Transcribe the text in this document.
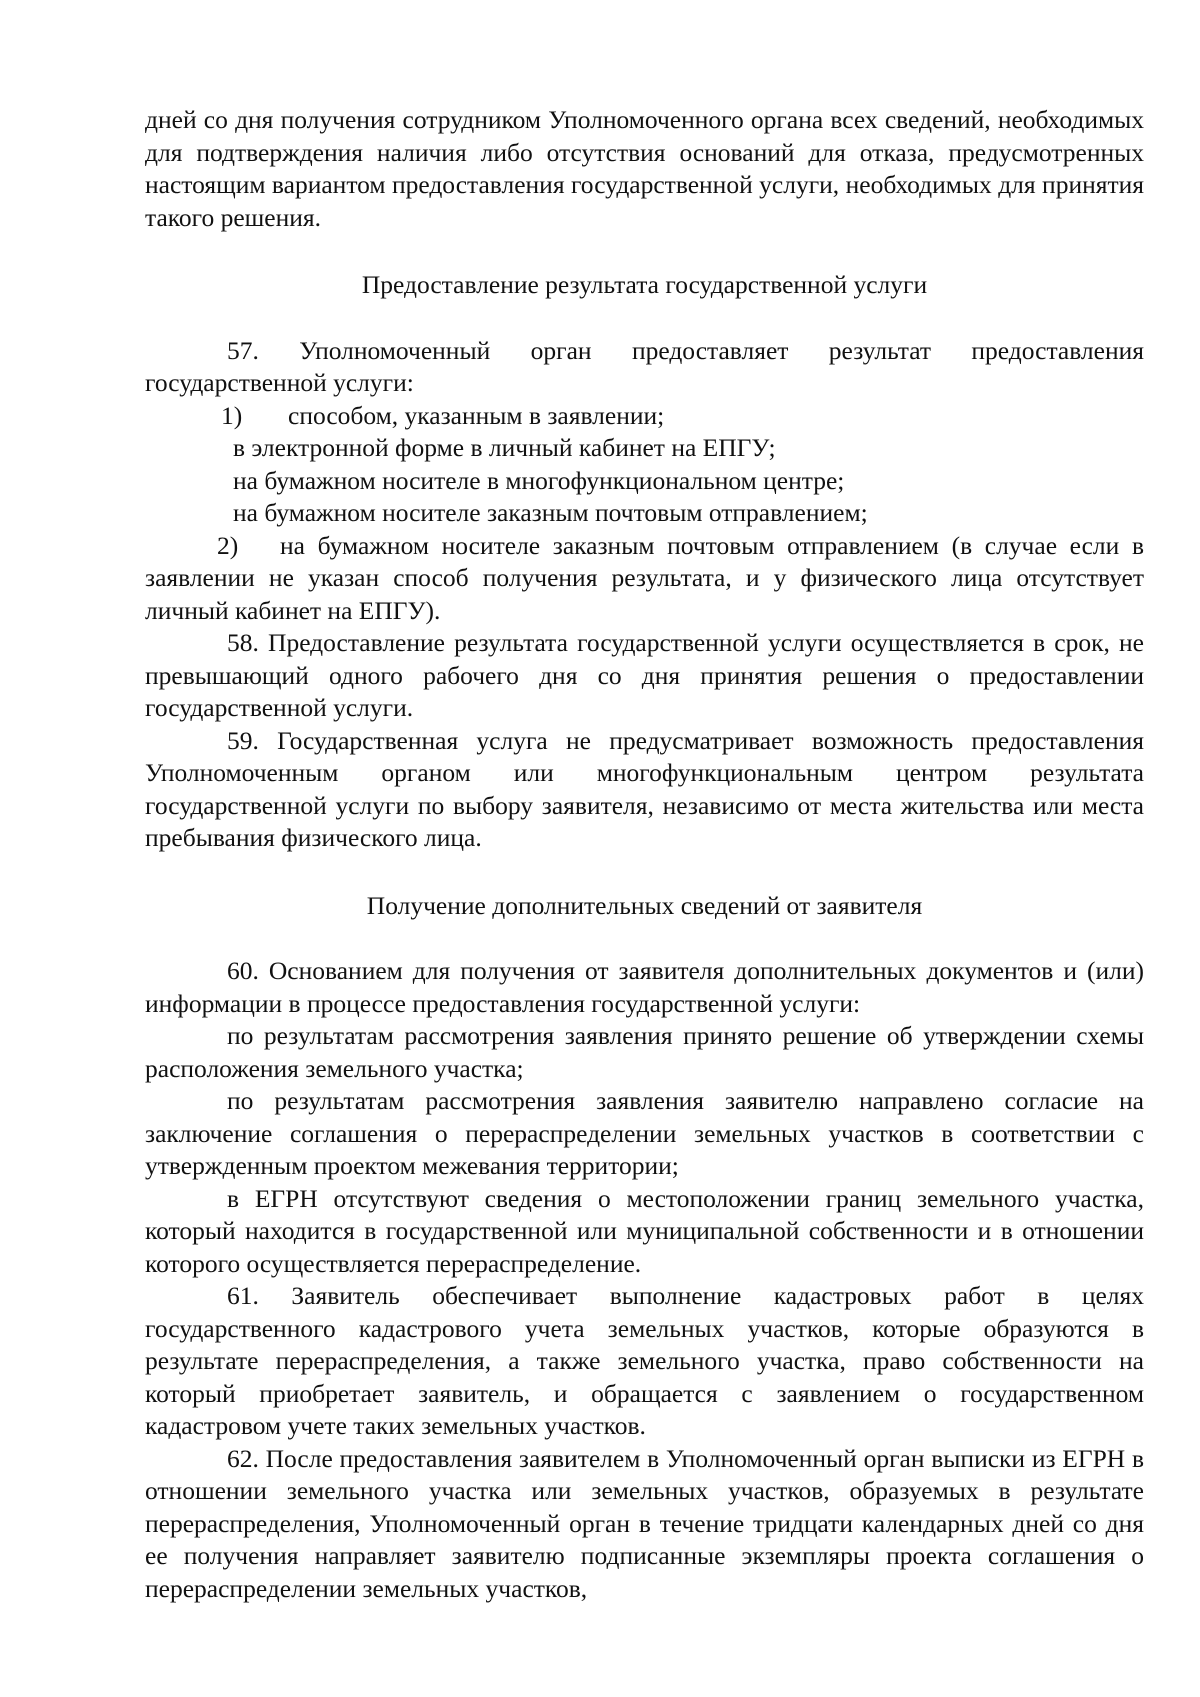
дней со дня получения сотрудником Уполномоченного органа всех сведений, необходимых для подтверждения наличия либо отсутствия оснований для отказа, предусмотренных настоящим вариантом предоставления государственной услуги, необходимых для принятия такого решения.

Предоставление результата государственной услуги

57. Уполномоченный орган предоставляет результат предоставления государственной услуги:

1) способом, указанным в заявлении;

в электронной форме в личный кабинет на ЕПГУ;

на бумажном носителе в многофункциональном центре;

на бумажном носителе заказным почтовым отправлением;

2) на бумажном носителе заказным почтовым отправлением (в случае если в заявлении не указан способ получения результата, и у физического лица отсутствует личный кабинет на ЕПГУ).

58. Предоставление результата государственной услуги осуществляется в срок, не превышающий одного рабочего дня со дня принятия решения о предоставлении государственной услуги.

59. Государственная услуга не предусматривает возможность предоставления Уполномоченным органом или многофункциональным центром результата государственной услуги по выбору заявителя, независимо от места жительства или места пребывания физического лица.

Получение дополнительных сведений от заявителя

60. Основанием для получения от заявителя дополнительных документов и (или) информации в процессе предоставления государственной услуги:

по результатам рассмотрения заявления принято решение об утверждении схемы расположения земельного участка;

по результатам рассмотрения заявления заявителю направлено согласие на заключение соглашения о перераспределении земельных участков в соответствии с утвержденным проектом межевания территории;

в ЕГРН отсутствуют сведения о местоположении границ земельного участка, который находится в государственной или муниципальной собственности и в отношении которого осуществляется перераспределение.

61. Заявитель обеспечивает выполнение кадастровых работ в целях государственного кадастрового учета земельных участков, которые образуются в результате перераспределения, а также земельного участка, право собственности на который приобретает заявитель, и обращается с заявлением о государственном кадастровом учете таких земельных участков.

62. После предоставления заявителем в Уполномоченный орган выписки из ЕГРН в отношении земельного участка или земельных участков, образуемых в результате перераспределения, Уполномоченный орган в течение тридцати календарных дней со дня ее получения направляет заявителю подписанные экземпляры проекта соглашения о перераспределении земельных участков,
